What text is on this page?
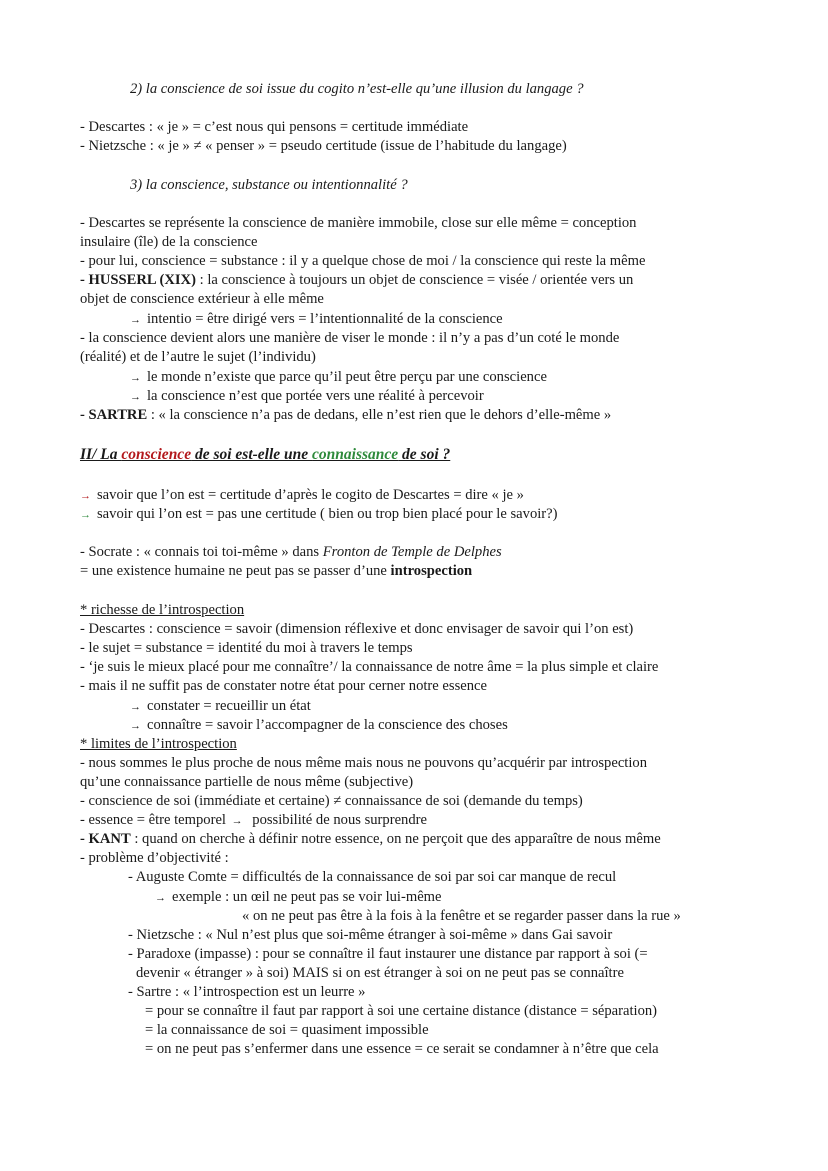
2) la conscience de soi issue du cogito n’est-elle qu’une illusion du langage ?
- Descartes : « je » = c’est nous qui pensons = certitude immédiate
- Nietzsche : « je » ≠ « penser » = pseudo certitude (issue de l’habitude du langage)
3) la conscience, substance ou intentionnalité ?
- Descartes se représente la conscience de manière immobile, close sur elle même = conception
insulaire (île) de la conscience
- pour lui, conscience = substance : il y a quelque chose de moi / la conscience qui reste la même
- HUSSERL (XIX) : la conscience à toujours un objet de conscience = visée / orientée vers un
objet de conscience extérieur à elle même
→ intentio = être dirigé vers = l’intentionnalité de la conscience
- la conscience devient alors une manière de viser le monde : il n’y a pas d’un coté le monde
(réalité) et de l’autre le sujet (l’individu)
→ le monde n’existe que parce qu’il peut être perçu par une conscience
→ la conscience n’est que portée vers une réalité à percevoir
- SARTRE : « la conscience n’a pas de dedans, elle n’est rien que le dehors d’elle-même »
II/ La conscience de soi est-elle une connaissance de soi ?
→ savoir que l’on est = certitude d’après le cogito de Descartes = dire « je »
→ savoir qui l’on est = pas une certitude ( bien ou trop bien placé pour le savoir?)
- Socrate : « connais toi toi-même » dans Fronton de Temple de Delphes
= une existence humaine ne peut pas se passer d’une introspection
* richesse de l’introspection
- Descartes : conscience = savoir (dimension réflexive et donc envisager de savoir qui l’on est)
- le sujet = substance = identité du moi à travers le temps
- ‘je suis le mieux placé pour me connaître’/ la connaissance de notre âme = la plus simple et claire
- mais il ne suffit pas de constater notre état pour cerner notre essence
→ constater = recueillir un état
→ connaître = savoir l’accompagner de la conscience des choses
* limites de l’introspection
- nous sommes le plus proche de nous même mais nous ne pouvons qu’acquérir par introspection
qu’une connaissance partielle de nous même (subjective)
- conscience de soi (immédiate et certaine) ≠ connaissance de soi (demande du temps)
- essence = être temporel → possibilité de nous surprendre
- KANT : quand on cherche à définir notre essence, on ne perçoit que des apparaître de nous même
- problème d’objectivité :
- Auguste Comte = difficultés de la connaissance de soi par soi car manque de recul
→ exemple : un œil ne peut pas se voir lui-même
« on ne peut pas être à la fois à la fenêtre et se regarder passer dans la rue »
- Nietzsche : « Nul n’est plus que soi-même étranger à soi-même » dans Gai savoir
- Paradoxe (impasse) : pour se connaître il faut instaurer une distance par rapport à soi (=
devenir « étranger » à soi) MAIS si on est étranger à soi on ne peut pas se connaître
- Sartre : « l’introspection est un leurre »
= pour se connaître il faut par rapport à soi une certaine distance (distance = séparation)
= la connaissance de soi = quasiment impossible
= on ne peut pas s’enfermer dans une essence = ce serait se condamner à n’être que cela
